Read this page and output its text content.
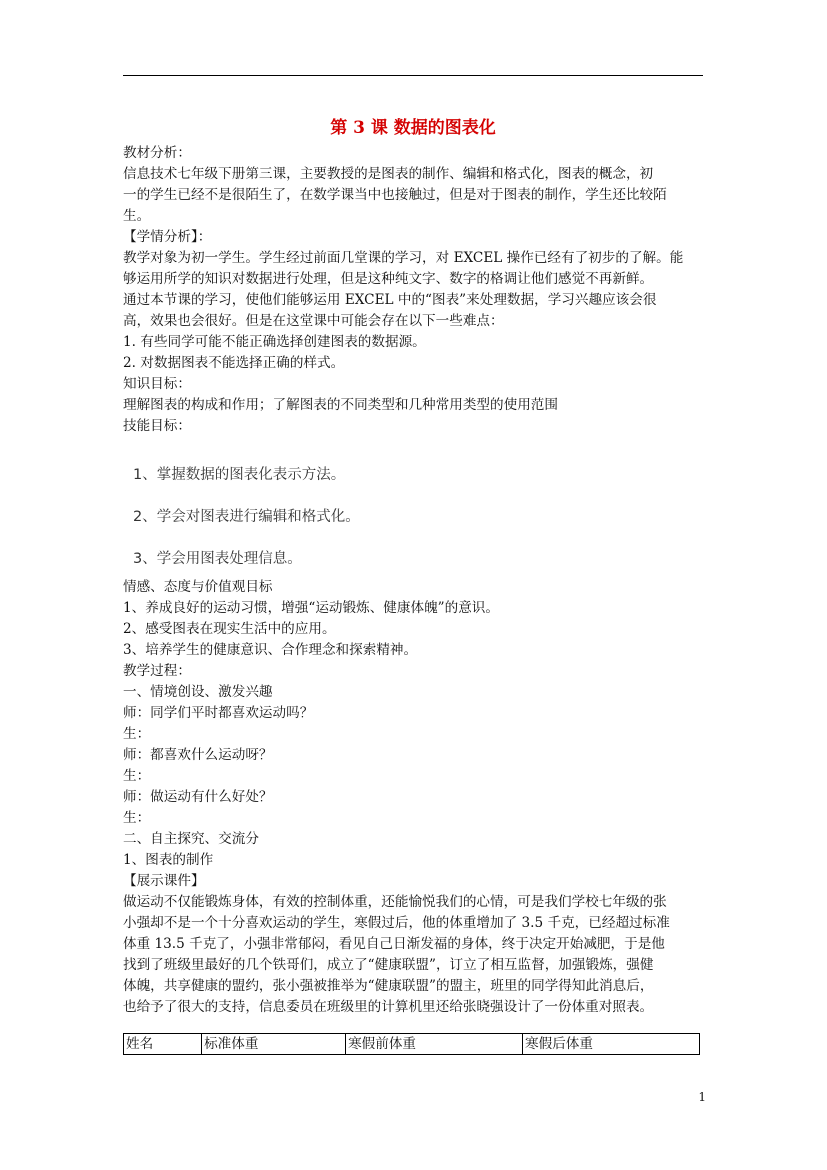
第 3 课 数据的图表化

教材分析：

信息技术七年级下册第三课，主要教授的是图表的制作、编辑和格式化，图表的概念，初

一的学生已经不是很陌生了，在数学课当中也接触过，但是对于图表的制作，学生还比较陌

生。

【学情分析】：

教学对象为初一学生。学生经过前面几堂课的学习，对 EXCEL 操作已经有了初步的了解。能

够运用所学的知识对数据进行处理，但是这种纯文字、数字的格调让他们感觉不再新鲜。

通过本节课的学习，使他们能够运用 EXCEL 中的“图表”来处理数据，学习兴趣应该会很

高，效果也会很好。但是在这堂课中可能会存在以下一些难点：

1. 有些同学可能不能正确选择创建图表的数据源。

2. 对数据图表不能选择正确的样式。

知识目标：

理解图表的构成和作用；了解图表的不同类型和几种常用类型的使用范围

技能目标：

1、掌握数据的图表化表示方法。
2、学会对图表进行编辑和格式化。
3、学会用图表处理信息。

情感、态度与价值观目标

1、养成良好的运动习惯，增强“运动锻炼、健康体魄”的意识。

2、感受图表在现实生活中的应用。

3、培养学生的健康意识、合作理念和探索精神。

教学过程：

一、情境创设、激发兴趣

师：同学们平时都喜欢运动吗？

生：

师：都喜欢什么运动呀？

生：

师：做运动有什么好处？

生：

二、自主探究、交流分

1、图表的制作

【展示课件】

做运动不仅能锻炼身体，有效的控制体重，还能愉悦我们的心情，可是我们学校七年级的张

小强却不是一个十分喜欢运动的学生，寒假过后，他的体重增加了 3.5 千克，已经超过标准

体重 13.5 千克了，小强非常郁闷，看见自己日渐发福的身体，终于决定开始减肥，于是他

找到了班级里最好的几个铁哥们，成立了“健康联盟”，订立了相互监督，加强锻炼，强健

体魄，共享健康的盟约，张小强被推举为“健康联盟”的盟主，班里的同学得知此消息后，

也给予了很大的支持，信息委员在班级里的计算机里还给张晓强设计了一份体重对照表。

姓名	标准体重	寒假前体重	寒假后体重
1
